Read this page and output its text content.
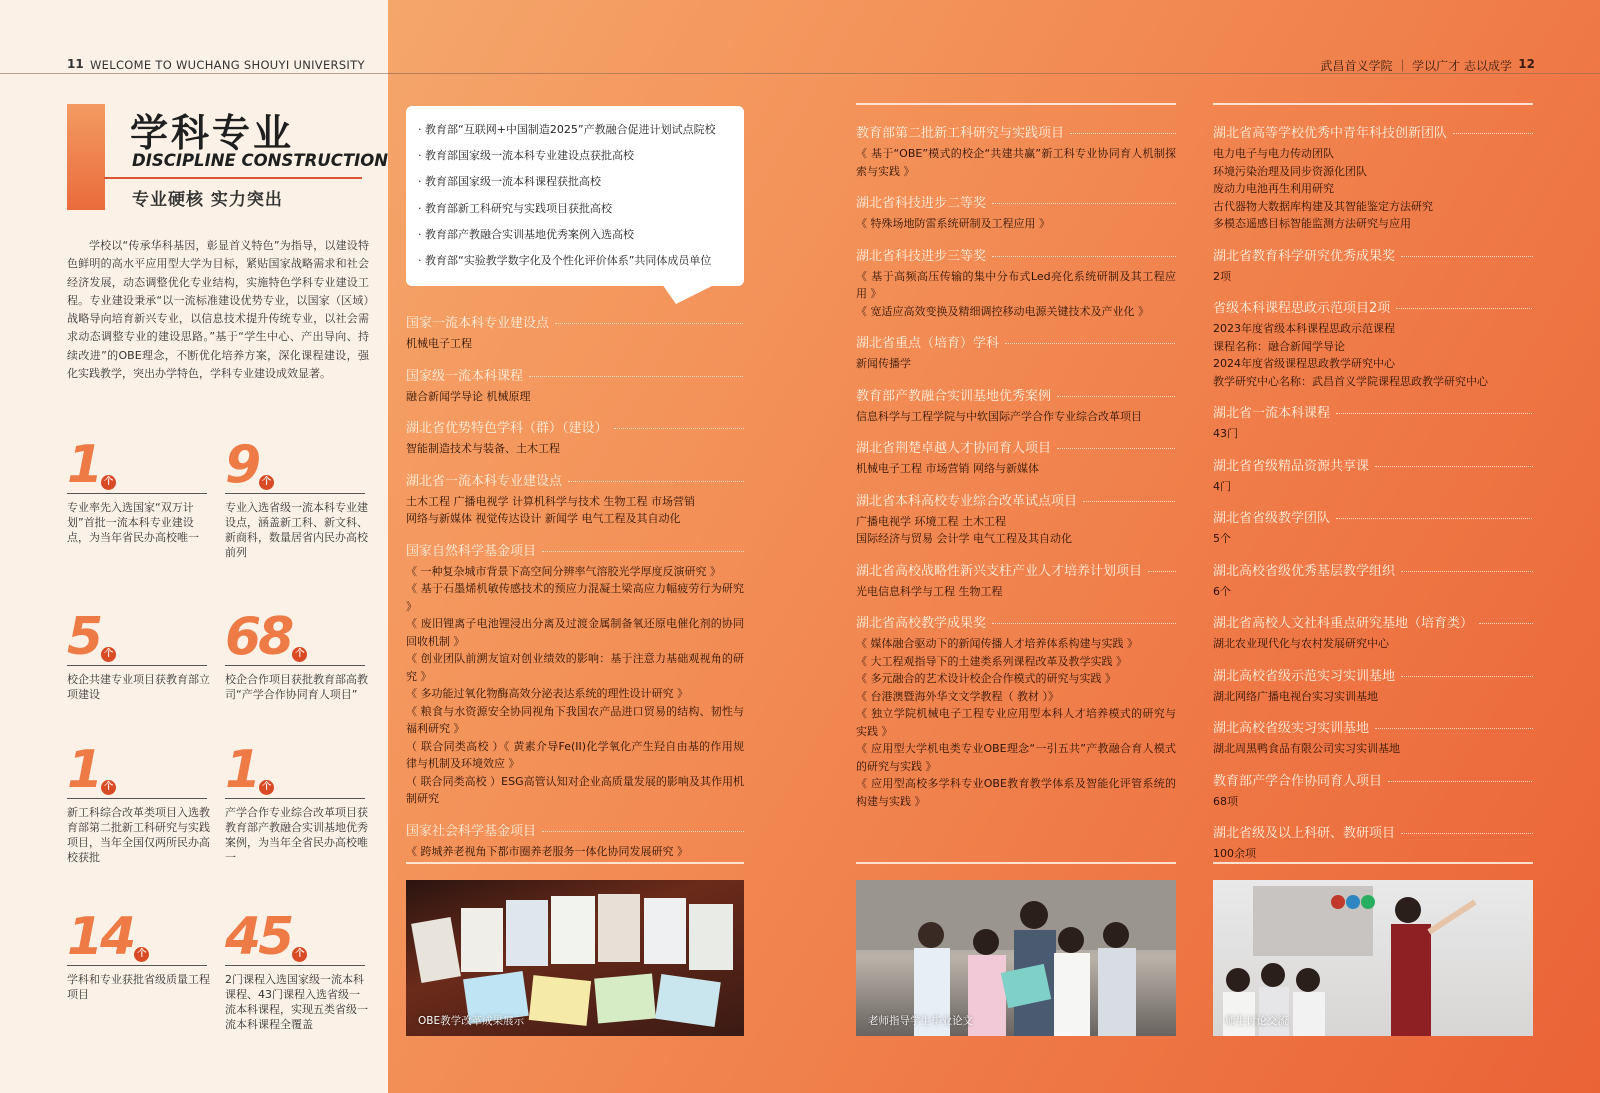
11 WELCOME TO WUCHANG SHOUYI UNIVERSITY	武昌首义学院 ｜ 学以广才 志以成学 12
学科专业
DISCIPLINE CONSTRUCTION
专业硬核 实力突出
学校以“传承华科基因，彰显首义特色”为指导，以建设特色鲜明的高水平应用型大学为目标，紧贴国家战略需求和社会经济发展，动态调整优化专业结构，实施特色学科专业建设工程。专业建设秉承“以一流标准建设优势专业，以国家（区域）战略导向培育新兴专业，以信息技术提升传统专业，以社会需求动态调整专业的建设思路。”基于“学生中心、产出导向、持续改进”的OBE理念，不断优化培养方案，深化课程建设，强化实践教学，突出办学特色，学科专业建设成效显著。
1 个
专业率先入选国家“双万计划”首批一流本科专业建设点，为当年省民办高校唯一
9 个
专业入选省级一流本科专业建设点，涵盖新工科、新文科、新商科，数量居省内民办高校前列
5 个
校企共建专业项目获教育部立项建设
68 个
校企合作项目获批教育部高教司“产学合作协同育人项目”
1 个
新工科综合改革类项目入选教育部第二批新工科研究与实践项目，当年全国仅两所民办高校获批
1 个
产学合作专业综合改革项目获教育部产教融合实训基地优秀案例，为当年全省民办高校唯一
14 个
学科和专业获批省级质量工程项目
45 个
2门课程入选国家级一流本科课程、43门课程入选省级一流本科课程，实现五类省级一流本科课程全覆盖
· 教育部“互联网+中国制造2025”产教融合促进计划试点院校
· 教育部国家级一流本科专业建设点获批高校
· 教育部国家级一流本科课程获批高校
· 教育部新工科研究与实践项目获批高校
· 教育部产教融合实训基地优秀案例入选高校
· 教育部“实验教学数字化及个性化评价体系”共同体成员单位
国家一流本科专业建设点
机械电子工程
国家级一流本科课程
融合新闻学导论 机械原理
湖北省优势特色学科（群）（建设）
智能制造技术与装备、土木工程
湖北省一流本科专业建设点
土木工程 广播电视学 计算机科学与技术 生物工程 市场营销
网络与新媒体 视觉传达设计 新闻学 电气工程及其自动化
国家自然科学基金项目
《 一种复杂城市背景下高空间分辨率气溶胶光学厚度反演研究 》
《 基于石墨烯机敏传感技术的预应力混凝土梁高应力幅疲劳行为研究 》
《 废旧锂离子电池锂浸出分离及过渡金属制备氧还原电催化剂的协同回收机制 》
《 创业团队前溯友谊对创业绩效的影响：基于注意力基础观视角的研究 》
《 多功能过氧化物酶高效分泌表达系统的理性设计研究 》
《 粮食与水资源安全协同视角下我国农产品进口贸易的结构、韧性与福利研究 》
（ 联合同类高校 ）《 黄素介导Fe(II)化学氧化产生羟自由基的作用规律与机制及环境效应 》
（ 联合同类高校 ）ESG高管认知对企业高质量发展的影响及其作用机制研究
国家社会科学基金项目
《 跨城养老视角下都市圈养老服务一体化协同发展研究 》
教育部第二批新工科研究与实践项目
《 基于“OBE”模式的校企“共建共赢”新工科专业协同育人机制探索与实践 》
湖北省科技进步二等奖
《 特殊场地防雷系统研制及工程应用 》
湖北省科技进步三等奖
《 基于高频高压传输的集中分布式Led亮化系统研制及其工程应用 》
《 宽适应高效变换及精细调控移动电源关键技术及产业化 》
湖北省重点（培育）学科
新闻传播学
教育部产教融合实训基地优秀案例
信息科学与工程学院与中软国际产学合作专业综合改革项目
湖北省荆楚卓越人才协同育人项目
机械电子工程 市场营销 网络与新媒体
湖北省本科高校专业综合改革试点项目
广播电视学 环境工程 土木工程
国际经济与贸易 会计学 电气工程及其自动化
湖北省高校战略性新兴支柱产业人才培养计划项目
光电信息科学与工程 生物工程
湖北省高校教学成果奖
《 媒体融合驱动下的新闻传播人才培养体系构建与实践 》
《 大工程观指导下的土建类系列课程改革及教学实践 》
《 多元融合的艺术设计校企合作模式的研究与实践 》
《 台港澳暨海外华文文学教程（ 教材 ）》
《 独立学院机械电子工程专业应用型本科人才培养模式的研究与实践 》
《 应用型大学机电类专业OBE理念“一引五共”产教融合育人模式的研究与实践 》
《 应用型高校多学科专业OBE教育教学体系及智能化评管系统的构建与实践 》
湖北省高等学校优秀中青年科技创新团队
电力电子与电力传动团队
环境污染治理及同步资源化团队
废动力电池再生利用研究
古代器物大数据库构建及其智能鉴定方法研究
多模态遥感目标智能监测方法研究与应用
湖北省教育科学研究优秀成果奖
2项
省级本科课程思政示范项目2项
2023年度省级本科课程思政示范课程
课程名称：融合新闻学导论
2024年度省级课程思政教学研究中心
教学研究中心名称：武昌首义学院课程思政教学研究中心
湖北省一流本科课程
43门
湖北省省级精品资源共享课
4门
湖北省省级教学团队
5个
湖北高校省级优秀基层教学组织
6个
湖北省高校人文社科重点研究基地（培育类）
湖北农业现代化与农村发展研究中心
湖北高校省级示范实习实训基地
湖北网络广播电视台实习实训基地
湖北高校省级实习实训基地
湖北周黑鸭食品有限公司实习实训基地
教育部产学合作协同育人项目
68项
湖北省级及以上科研、教研项目
100余项
OBE教学改革成果展示	老师指导学生毕业论文	师生讨论交流
